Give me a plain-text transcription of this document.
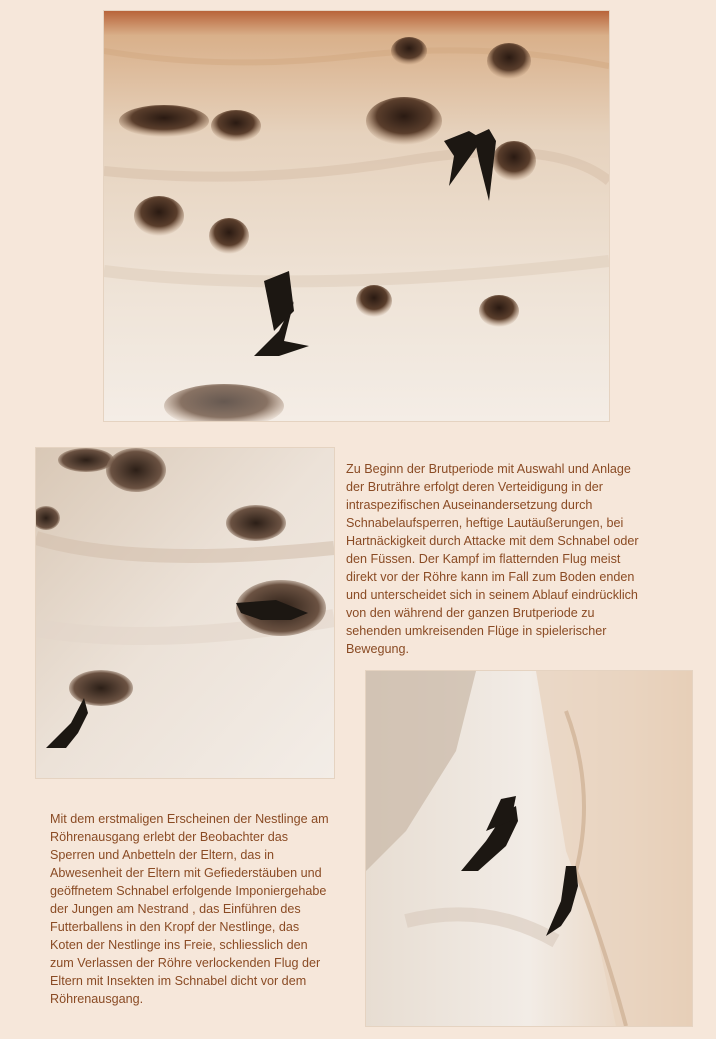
Zu Beginn der Brutperiode mit Auswahl und Anlage
der Bruträhre erfolgt deren Verteidigung in der
intraspezifischen Auseinandersetzung durch
Schnabelaufsperren, heftige Lautäußerungen, bei
Hartnäckigkeit durch Attacke mit dem Schnabel oder
den Füssen. Der Kampf im flatternden Flug meist
direkt vor der Röhre kann im Fall zum Boden enden
und unterscheidet sich in seinem Ablauf eindrücklich
von den während der ganzen Brutperiode zu
sehenden umkreisenden Flüge in spielerischer
Bewegung.
Mit dem erstmaligen Erscheinen der Nestlinge am
Röhrenausgang erlebt der Beobachter das
Sperren und Anbetteln der Eltern, das in
Abwesenheit der Eltern mit Gefiederstäuben und
geöffnetem Schnabel erfolgende Imponiergehabe
der Jungen am Nestrand , das Einführen des
Futterballens in den Kropf der Nestlinge, das
Koten der Nestlinge ins Freie, schliesslich den
zum Verlassen der Röhre verlockenden Flug der
Eltern mit Insekten im Schnabel dicht vor dem
Röhrenausgang.
